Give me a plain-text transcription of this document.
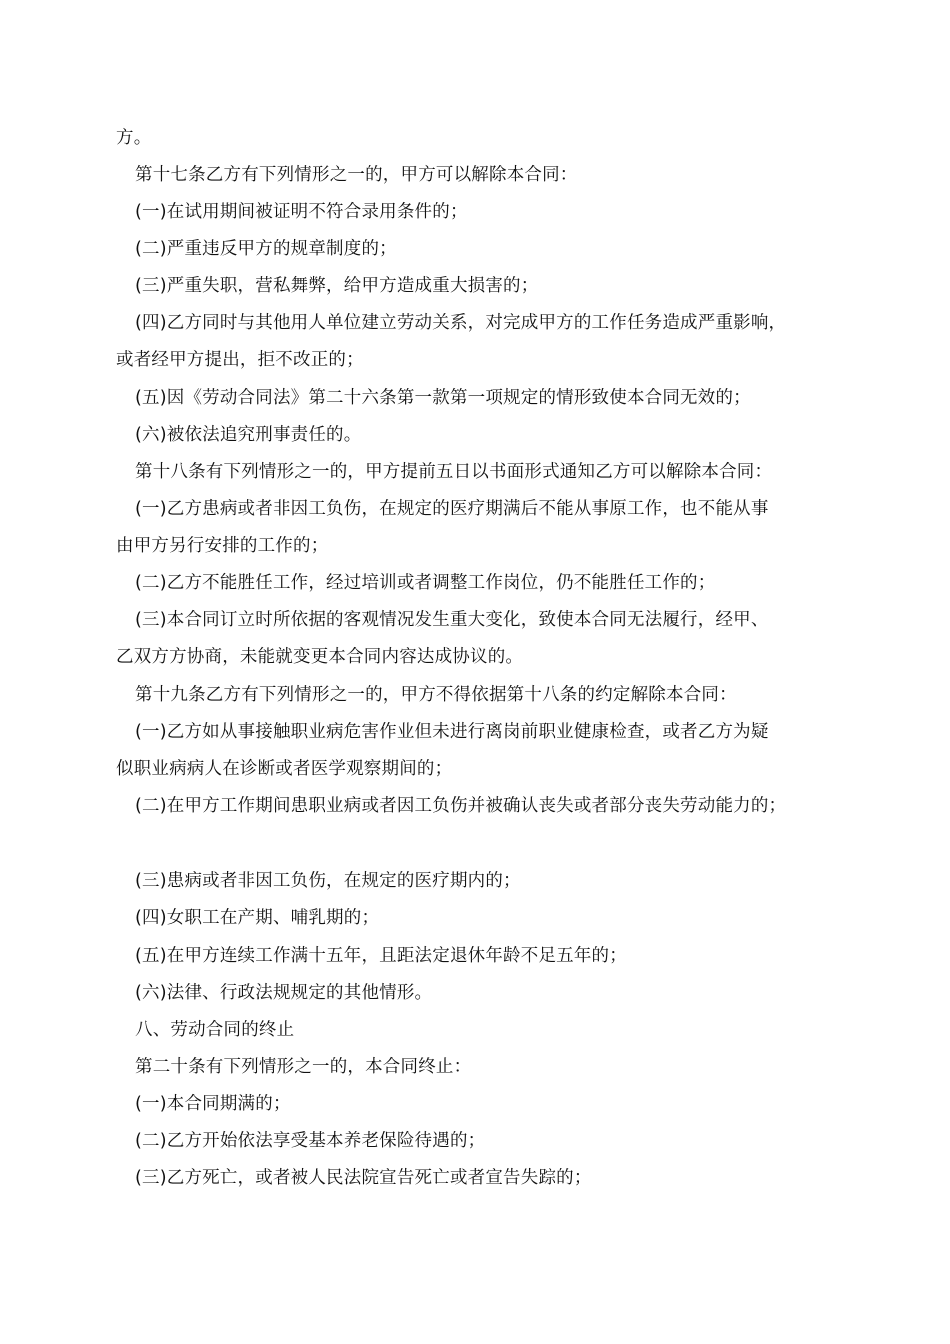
方。
第十七条乙方有下列情形之一的，甲方可以解除本合同：
(一)在试用期间被证明不符合录用条件的；
(二)严重违反甲方的规章制度的；
(三)严重失职，营私舞弊，给甲方造成重大损害的；
(四)乙方同时与其他用人单位建立劳动关系，对完成甲方的工作任务造成严重影响，
或者经甲方提出，拒不改正的；
(五)因《劳动合同法》第二十六条第一款第一项规定的情形致使本合同无效的；
(六)被依法追究刑事责任的。
第十八条有下列情形之一的，甲方提前五日以书面形式通知乙方可以解除本合同：
(一)乙方患病或者非因工负伤，在规定的医疗期满后不能从事原工作，也不能从事
由甲方另行安排的工作的；
(二)乙方不能胜任工作，经过培训或者调整工作岗位，仍不能胜任工作的；
(三)本合同订立时所依据的客观情况发生重大变化，致使本合同无法履行，经甲、
乙双方方协商，未能就变更本合同内容达成协议的。
第十九条乙方有下列情形之一的，甲方不得依据第十八条的约定解除本合同：
(一)乙方如从事接触职业病危害作业但未进行离岗前职业健康检查，或者乙方为疑
似职业病病人在诊断或者医学观察期间的；
(二)在甲方工作期间患职业病或者因工负伤并被确认丧失或者部分丧失劳动能力的；
(三)患病或者非因工负伤，在规定的医疗期内的；
(四)女职工在产期、哺乳期的；
(五)在甲方连续工作满十五年，且距法定退休年龄不足五年的；
(六)法律、行政法规规定的其他情形。
八、劳动合同的终止
第二十条有下列情形之一的，本合同终止：
(一)本合同期满的；
(二)乙方开始依法享受基本养老保险待遇的；
(三)乙方死亡，或者被人民法院宣告死亡或者宣告失踪的；
